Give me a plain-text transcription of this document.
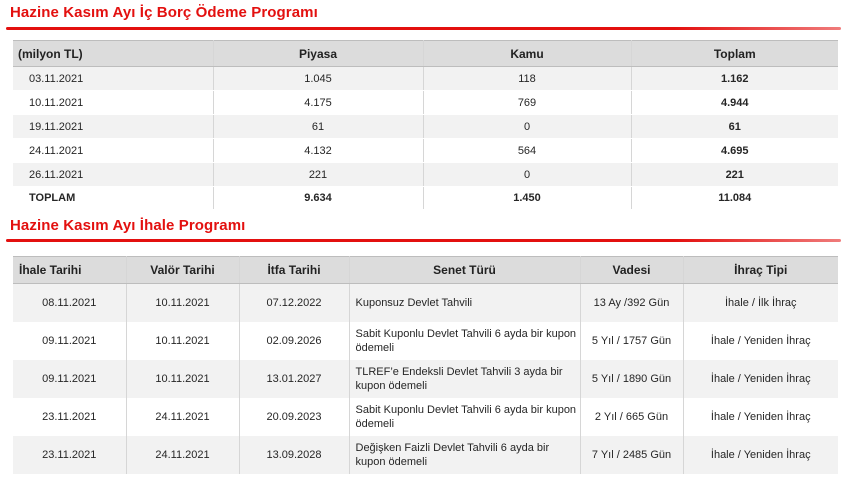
Hazine Kasım Ayı İç Borç Ödeme Programı
(milyon TL)	Piyasa	Kamu	Toplam
03.11.2021	1.045	118	1.162
10.11.2021	4.175	769	4.944
19.11.2021	61	0	61
24.11.2021	4.132	564	4.695
26.11.2021	221	0	221
TOPLAM	9.634	1.450	11.084
Hazine Kasım Ayı İhale Programı
İhale Tarihi	Valör Tarihi	İtfa Tarihi	Senet Türü	Vadesi	İhraç Tipi
08.11.2021	10.11.2021	07.12.2022	Kuponsuz Devlet Tahvili	13 Ay /392 Gün	İhale / İlk İhraç
09.11.2021	10.11.2021	02.09.2026	Sabit Kuponlu Devlet Tahvili 6 ayda bir kupon ödemeli	5 Yıl / 1757 Gün	İhale / Yeniden İhraç
09.11.2021	10.11.2021	13.01.2027	TLREF’e Endeksli Devlet Tahvili 3 ayda bir kupon ödemeli	5 Yıl / 1890 Gün	İhale / Yeniden İhraç
23.11.2021	24.11.2021	20.09.2023	Sabit Kuponlu Devlet Tahvili 6 ayda bir kupon ödemeli	2 Yıl / 665 Gün	İhale / Yeniden İhraç
23.11.2021	24.11.2021	13.09.2028	Değişken Faizli Devlet Tahvili 6 ayda bir kupon ödemeli	7 Yıl / 2485 Gün	İhale / Yeniden İhraç
